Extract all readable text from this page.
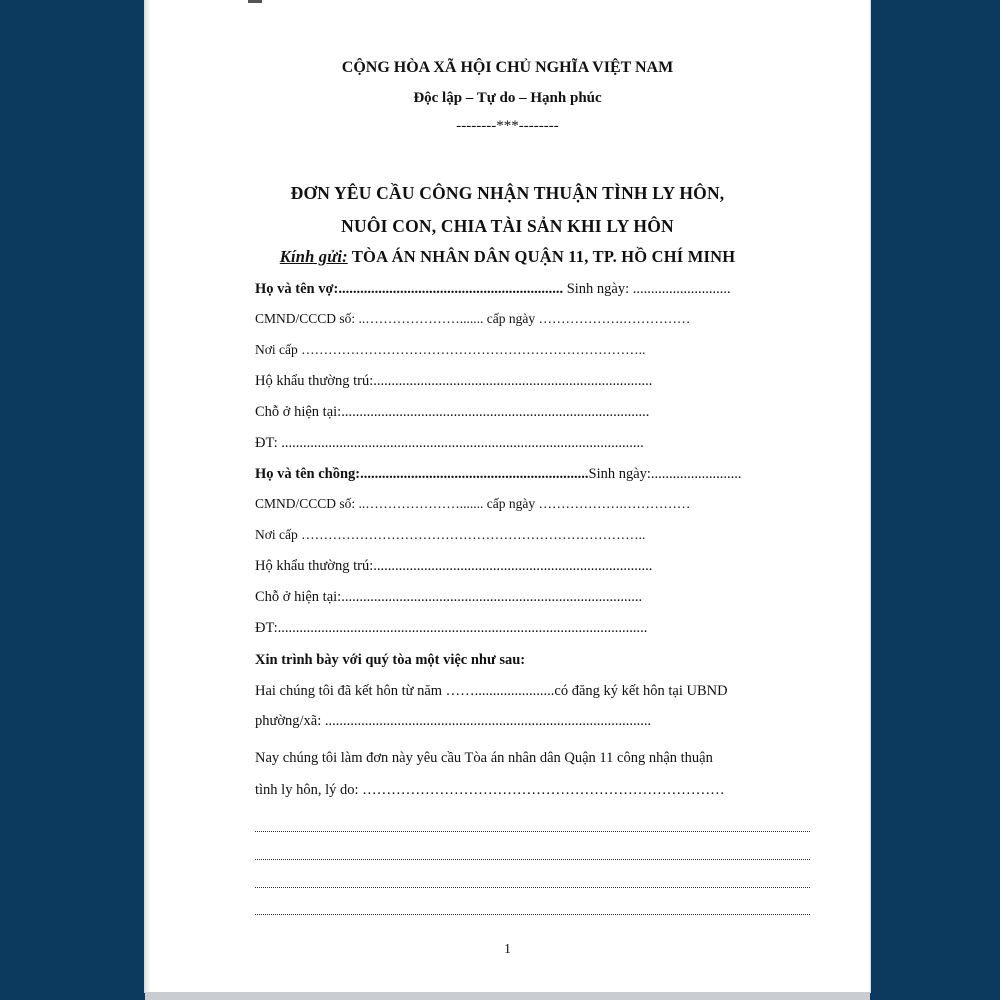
CỘNG HÒA XÃ HỘI CHỦ NGHĨA VIỆT NAM
Độc lập – Tự do – Hạnh phúc
--------***--------
ĐƠN YÊU CẦU CÔNG NHẬN THUẬN TÌNH LY HÔN,
NUÔI CON, CHIA TÀI SẢN KHI LY HÔN
Kính gửi: TÒA ÁN NHÂN DÂN QUẬN 11, TP. HỒ CHÍ MINH
Họ và tên vợ:.............................................................. Sinh ngày: ...........................
CMND/CCCD số: ..…………………....... cấp ngày ……………….……………
Nơi cấp …………………………………………………………………..
Hộ khẩu thường trú:.............................................................................
Chỗ ở hiện tại:.....................................................................................
ĐT: ....................................................................................................
Họ và tên chồng:...............................................................Sinh ngày:.........................
CMND/CCCD số: ..…………………....... cấp ngày ……………….……………
Nơi cấp …………………………………………………………………..
Hộ khẩu thường trú:.............................................................................
Chỗ ở hiện tại:...................................................................................
ĐT:......................................................................................................
Xin trình bày với quý tòa một việc như sau:
Hai chúng tôi đã kết hôn từ năm ……......................có đăng ký kết hôn tại UBND
phường/xã: ..........................................................................................
Nay chúng tôi làm đơn này yêu cầu Tòa án nhân dân Quận 11 công nhận thuận
tình ly hôn, lý do: …………………………………………………………………
1
